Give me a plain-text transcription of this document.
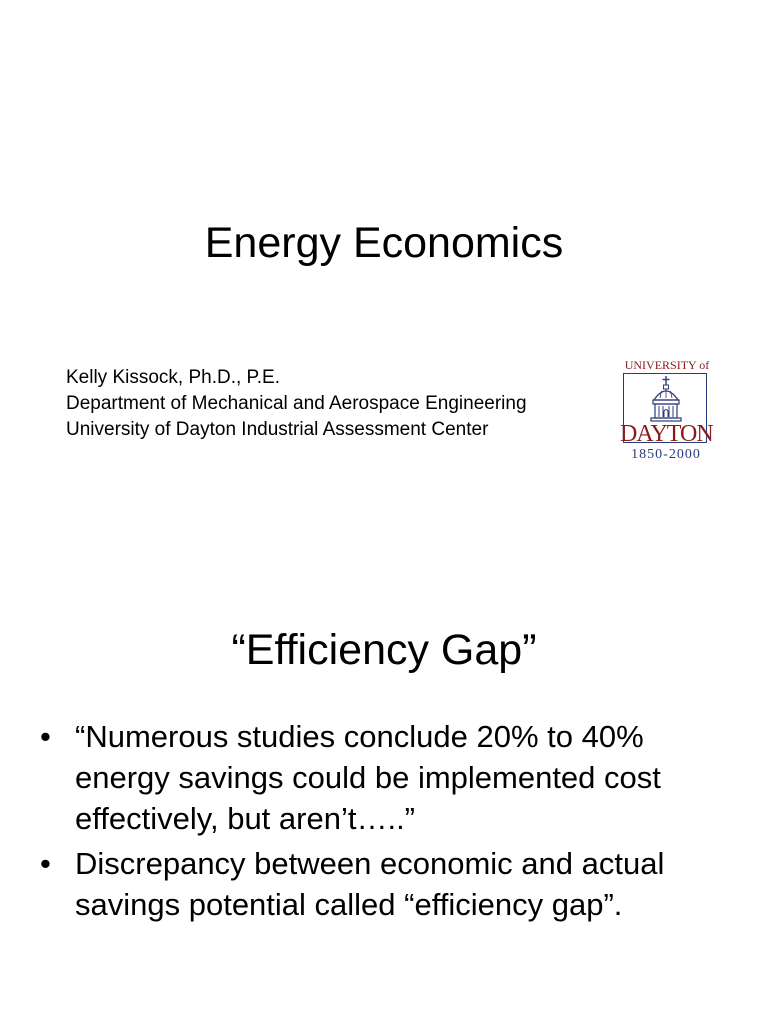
Energy Economics
Kelly Kissock, Ph.D., P.E.
Department of Mechanical and Aerospace Engineering
University of Dayton Industrial Assessment Center
UNIVERSITY of
DAYTON
1850-2000
“Efficiency Gap”
• “Numerous studies conclude 20% to 40% energy savings could be implemented cost effectively, but aren’t…..”
• Discrepancy between economic and actual savings potential called “efficiency gap”.
